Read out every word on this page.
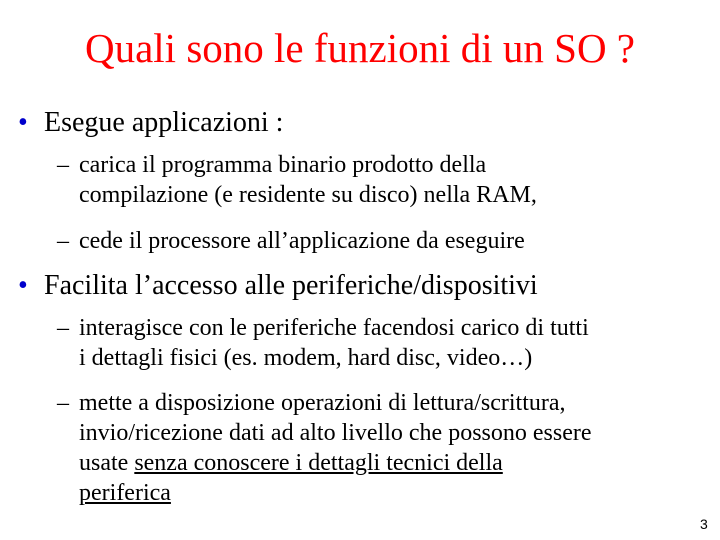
Quali sono le funzioni di un SO ?
• Esegue applicazioni :
– carica il programma binario prodotto della
compilazione (e residente su disco) nella RAM,
– cede il processore all’applicazione da eseguire
• Facilita l’accesso alle periferiche/dispositivi
– interagisce con le periferiche facendosi carico di tutti
i dettagli fisici (es. modem, hard disc, video…)
– mette a disposizione operazioni di lettura/scrittura,
invio/ricezione dati ad alto livello che possono essere
usate senza conoscere i dettagli tecnici della
periferica
3
